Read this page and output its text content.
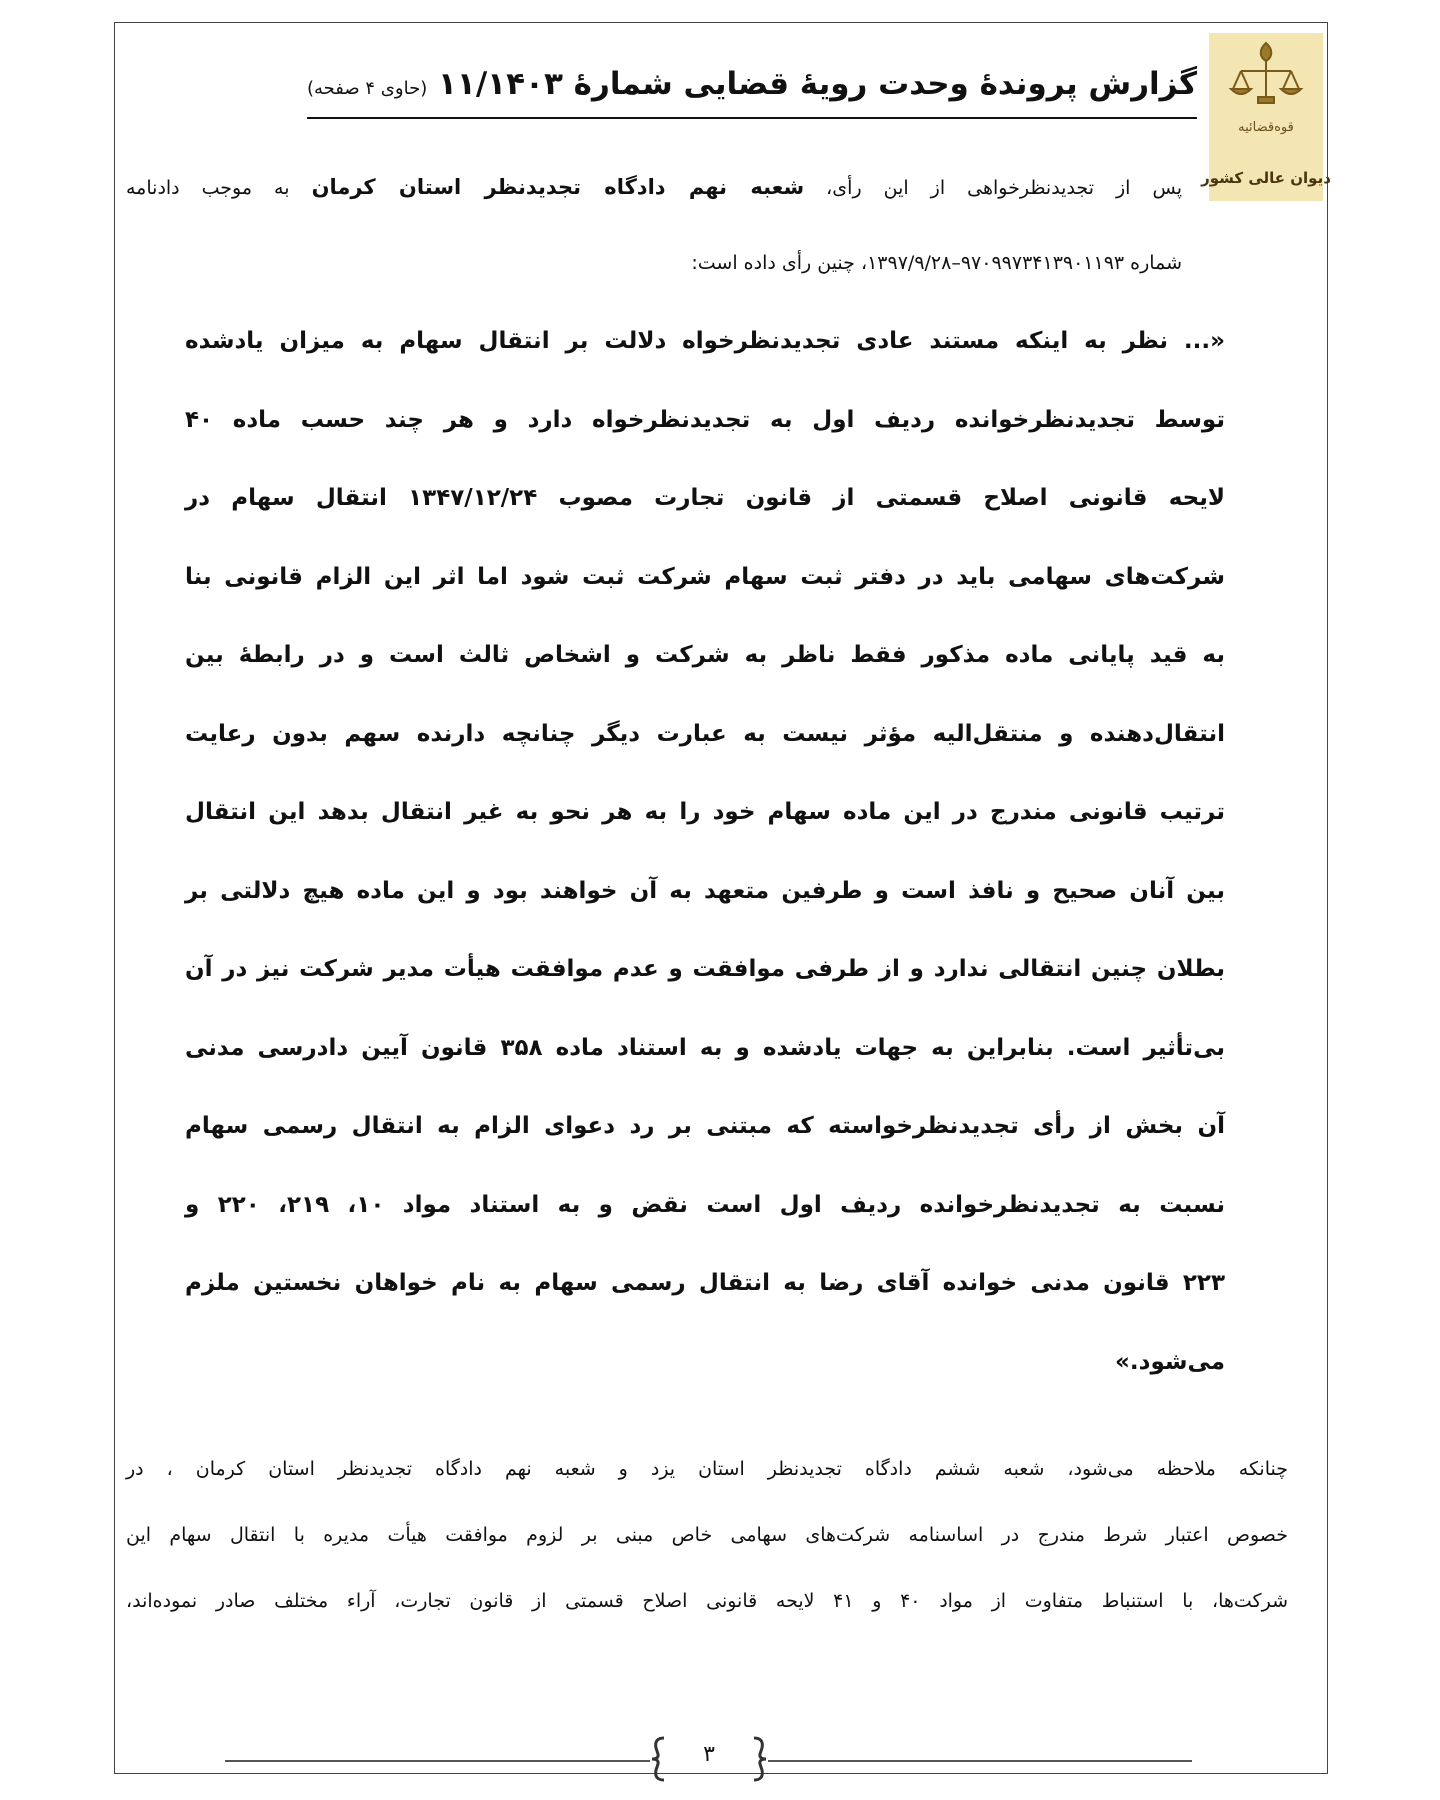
قوه‌قضائیه
دیوان عالی کشور
گزارش پروندۀ وحدت رویۀ قضایی شمارۀ ۱۱/۱۴۰۳ (حاوی ۴ صفحه)
پس از تجدیدنظرخواهی از این رأی، شعبه نهم دادگاه تجدیدنظر استان کرمان به موجب دادنامه
شماره ۹۷۰۹۹۷۳۴۱۳۹۰۱۱۹۳–۱۳۹۷/۹/۲۸، چنین رأی داده است:
«... نظر به اینکه مستند عادی تجدیدنظرخواه دلالت بر انتقال سهام به میزان یادشده
توسط تجدیدنظرخوانده ردیف اول به تجدیدنظرخواه دارد و هر چند حسب ماده ۴۰
لایحه قانونی اصلاح قسمتی از قانون تجارت مصوب ۱۳۴۷/۱۲/۲۴ انتقال سهام در
شرکت‌های سهامی باید در دفتر ثبت سهام شرکت ثبت شود اما اثر این الزام قانونی بنا
به قید پایانی ماده مذکور فقط ناظر به شرکت و اشخاص ثالث است و در رابطۀ بین
انتقال‌دهنده و منتقل‌الیه مؤثر نیست به عبارت دیگر چنانچه دارنده سهم بدون رعایت
ترتیب قانونی مندرج در این ماده سهام خود را به هر نحو به غیر انتقال بدهد این انتقال
بین آنان صحیح و نافذ است و طرفین متعهد به آن خواهند بود و این ماده هیچ دلالتی بر
بطلان چنین انتقالی ندارد و از طرفی موافقت و عدم موافقت هیأت مدیر شرکت نیز در آن
بی‌تأثیر است. بنابراین به جهات یادشده و به استناد ماده ۳۵۸ قانون آیین دادرسی مدنی
آن بخش از رأی تجدیدنظرخواسته که مبتنی بر رد دعوای الزام به انتقال رسمی سهام
نسبت به تجدیدنظرخوانده ردیف اول است نقض و به استناد مواد ۱۰، ۲۱۹، ۲۲۰ و
۲۲۳ قانون مدنی خوانده آقای رضا به انتقال رسمی سهام به نام خواهان نخستین ملزم
می‌شود.»
چنانکه ملاحظه می‌شود، شعبه ششم دادگاه تجدیدنظر استان یزد و شعبه نهم دادگاه تجدیدنظر استان کرمان ، در
خصوص اعتبار شرط مندرج در اساسنامه شرکت‌های سهامی خاص مبنی بر لزوم موافقت هیأت مدیره با انتقال سهام این
شرکت‌ها، با استنباط متفاوت از مواد ۴۰ و ۴۱ لایحه قانونی اصلاح قسمتی از قانون تجارت، آراء مختلف صادر نموده‌اند،
۳
